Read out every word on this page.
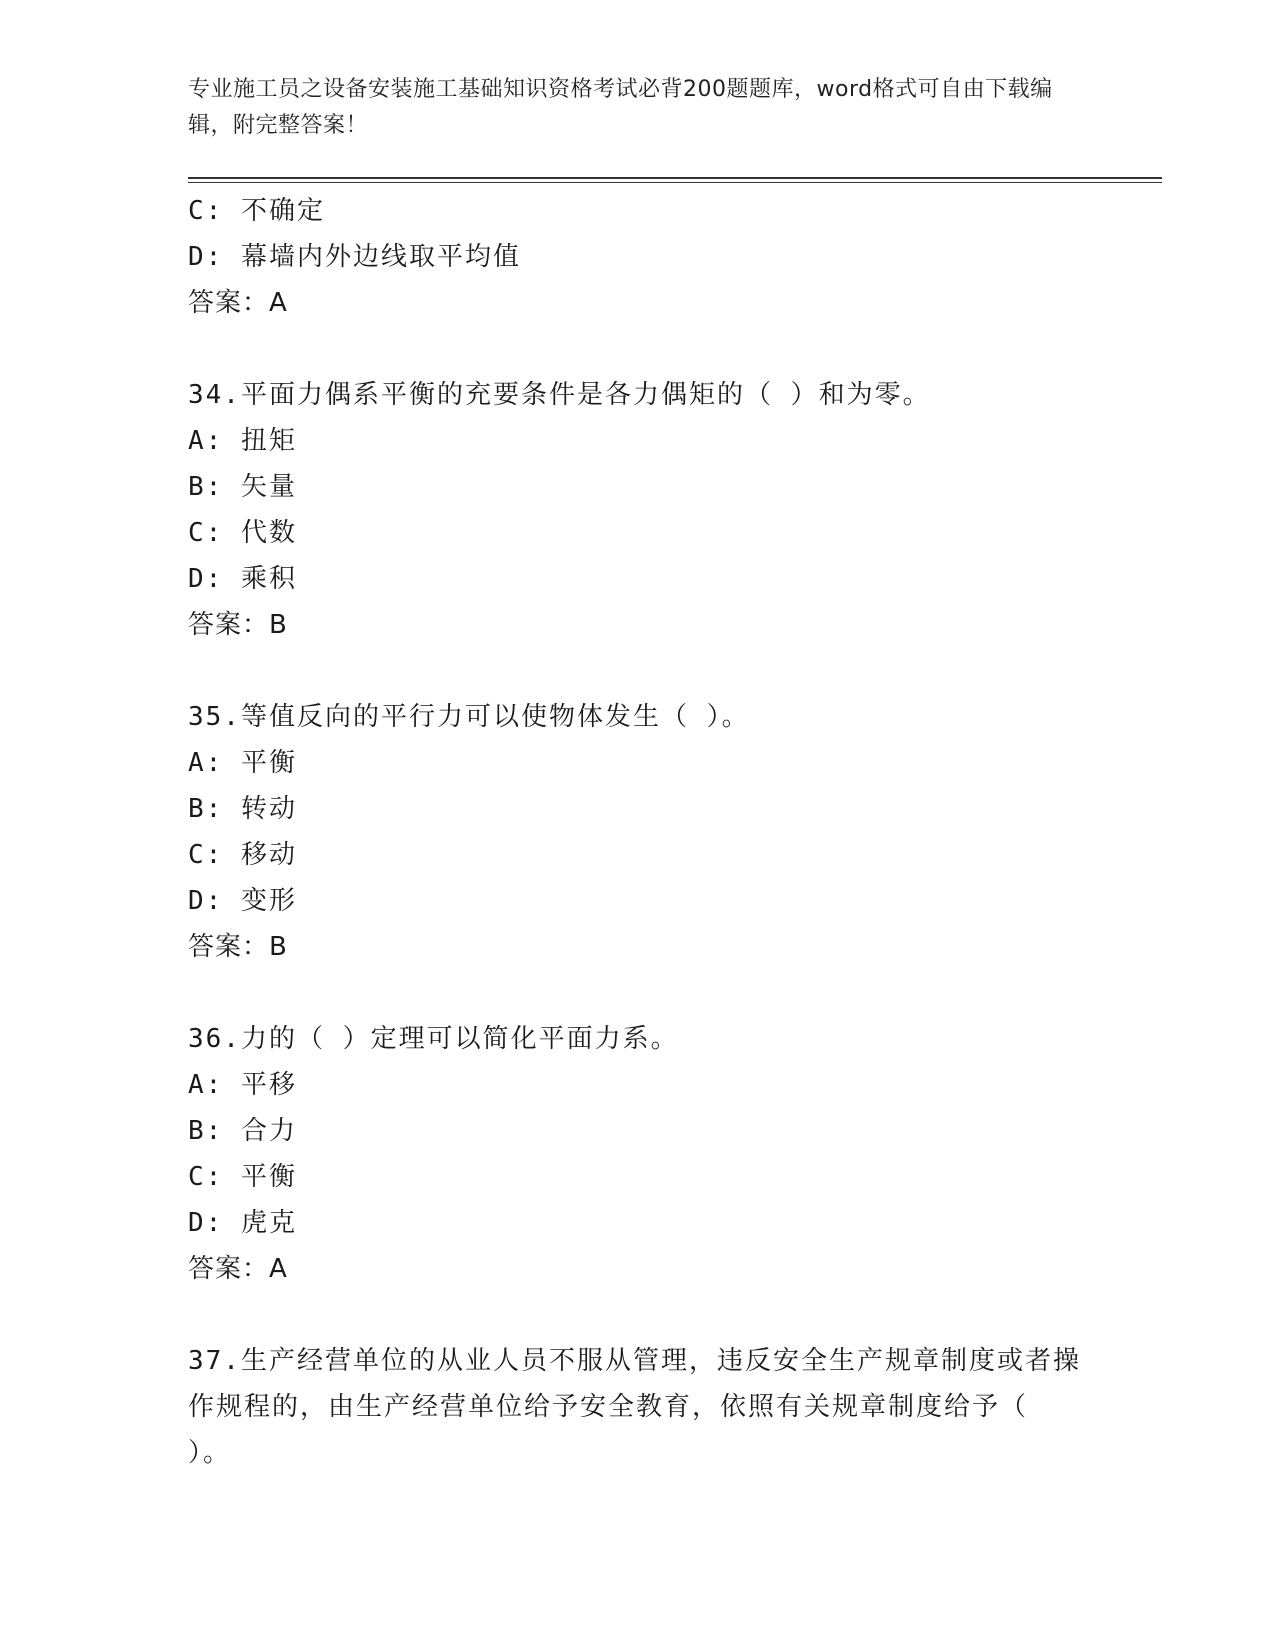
专业施工员之设备安装施工基础知识资格考试必背200题题库，word格式可自由下载编辑，附完整答案！
C: 不确定
D: 幕墙内外边线取平均值
答案：A
34.平面力偶系平衡的充要条件是各力偶矩的（ ）和为零。
A: 扭矩
B: 矢量
C: 代数
D: 乘积
答案：B
35.等值反向的平行力可以使物体发生（ ）。
A: 平衡
B: 转动
C: 移动
D: 变形
答案：B
36.力的（ ）定理可以简化平面力系。
A: 平移
B: 合力
C: 平衡
D: 虎克
答案：A
37.生产经营单位的从业人员不服从管理，违反安全生产规章制度或者操作规程的，由生产经营单位给予安全教育，依照有关规章制度给予（ ）。
